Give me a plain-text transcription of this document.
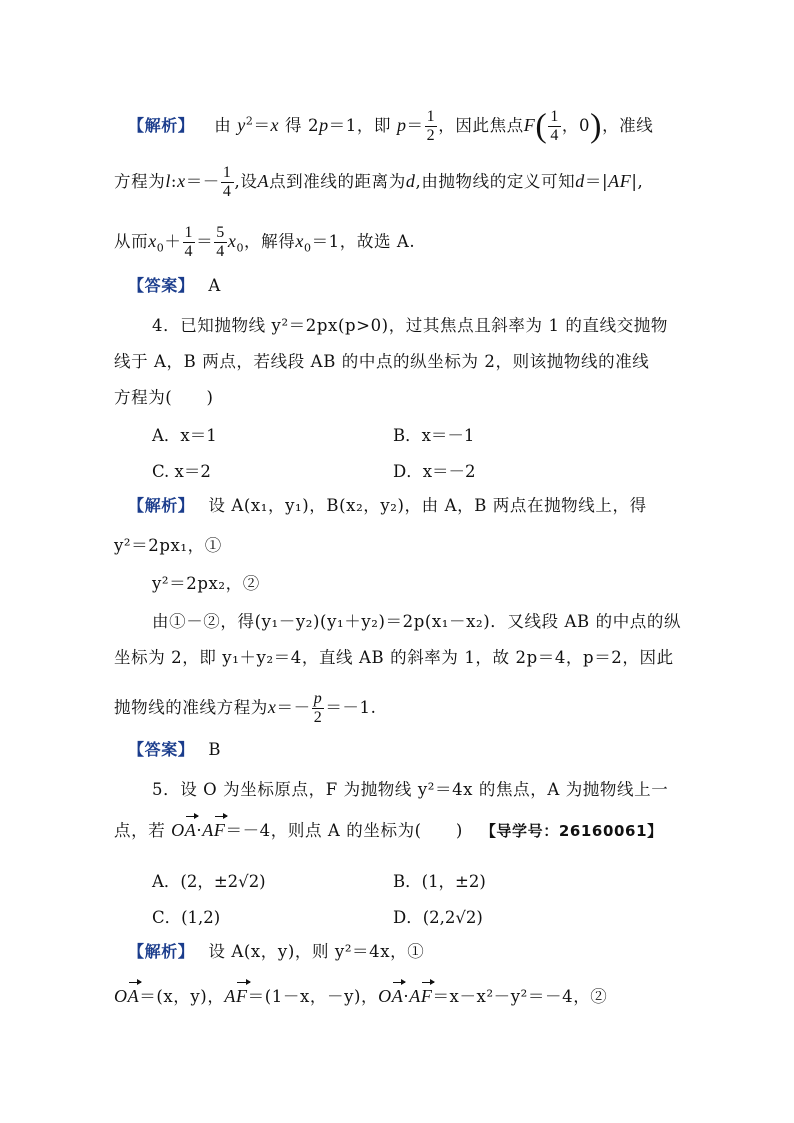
【解析】 由 $y^2=x$ 得 2p＝1，即 $p= \frac{1}{2}$ ，因此焦点$F( \frac{1}{4}$ ，0)，准线
方程为l:x＝－ $\frac{1}{4}$ ,设A点到准线的距离为d,由抛物线的定义可知d＝|AF|,
从而$x_0+ \frac{1}{4} = \frac{5}{4} x_0$，解得$x_0=1$，故选 A.
【答案】 A
4．已知抛物线 y²＝2px(p>0)，过其焦点且斜率为 1 的直线交抛物
线于 A，B 两点，若线段 AB 的中点的纵坐标为 2，则该抛物线的准线
方程为(　　)
A．x＝1	B．x＝－1
C. x＝2	D．x＝－2
【解析】 设 A(x₁，y₁)，B(x₂，y₂)，由 A，B 两点在抛物线上，得
y²＝2px₁，①
y²＝2px₂，②
由①－②，得(y₁－y₂)(y₁＋y₂)＝2p(x₁－x₂)．又线段 AB 的中点的纵
坐标为 2，即 y₁＋y₂＝4，直线 AB 的斜率为 1，故 2p＝4，p＝2，因此
抛物线的准线方程为$x=- \frac{p}{2} =-1$.
【答案】 B
5．设 O 为坐标原点，F 为抛物线 y²＝4x 的焦点，A 为抛物线上一
点，若 OA·AF＝－4，则点 A 的坐标为(　　) 【导学号：26160061】
A．(2，±2√2)	B．(1，±2)
C．(1,2)	D．(2,2√2)
【解析】 设 A(x，y)，则 y²＝4x，①
OA＝(x，y)，AF＝(1－x，－y)，OA·AF＝x－x²－y²＝－4，②
